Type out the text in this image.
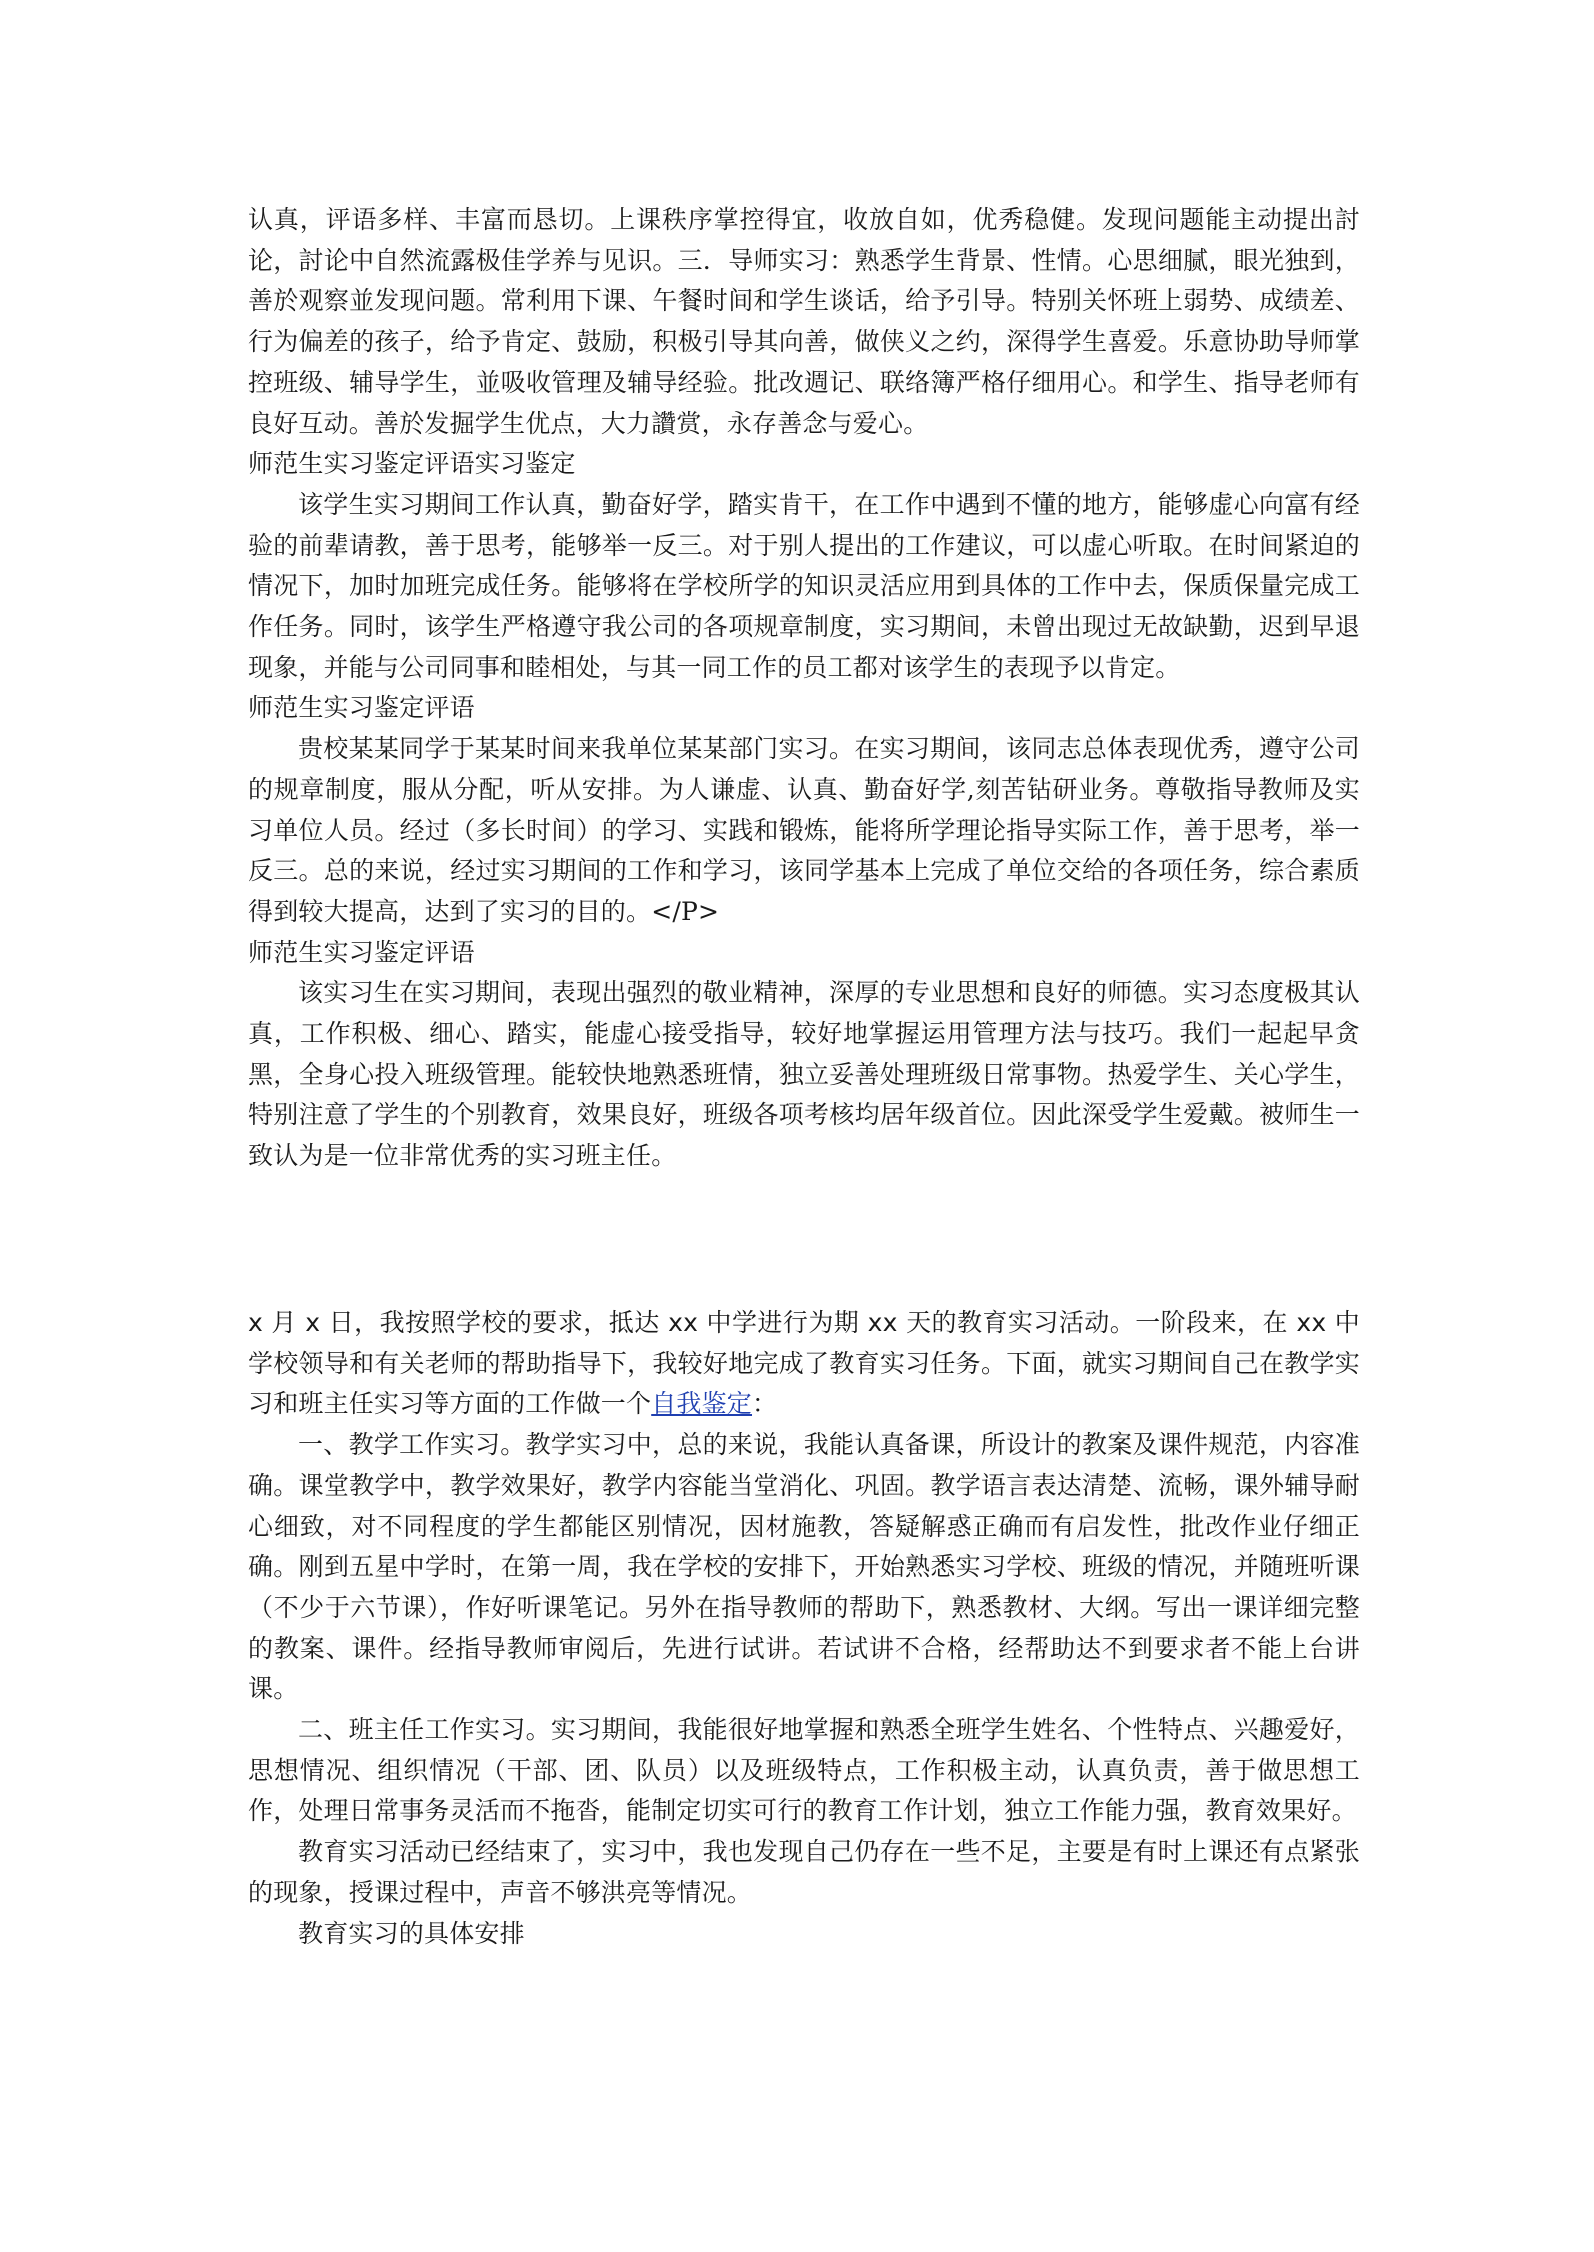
认真，评语多样、丰富而恳切。上课秩序掌控得宜，收放自如，优秀稳健。发现问题能主动提出討论，討论中自然流露极佳学养与见识。三．导师实习：熟悉学生背景、性情。心思细腻，眼光独到，善於观察並发现问题。常利用下课、午餐时间和学生谈话，给予引导。特别关怀班上弱势、成绩差、行为偏差的孩子，给予肯定、鼓励，积极引导其向善，做侠义之约，深得学生喜爱。乐意协助导师掌控班级、辅导学生，並吸收管理及辅导经验。批改週记、联络簿严格仔细用心。和学生、指导老师有良好互动。善於发掘学生优点，大力讚赏，永存善念与爱心。

师范生实习鉴定评语实习鉴定

该学生实习期间工作认真，勤奋好学，踏实肯干，在工作中遇到不懂的地方，能够虚心向富有经验的前辈请教，善于思考，能够举一反三。对于别人提出的工作建议，可以虚心听取。在时间紧迫的情况下，加时加班完成任务。能够将在学校所学的知识灵活应用到具体的工作中去，保质保量完成工作任务。同时，该学生严格遵守我公司的各项规章制度，实习期间，未曾出现过无故缺勤，迟到早退现象，并能与公司同事和睦相处，与其一同工作的员工都对该学生的表现予以肯定。

师范生实习鉴定评语

贵校某某同学于某某时间来我单位某某部门实习。在实习期间，该同志总体表现优秀，遵守公司的规章制度，服从分配，听从安排。为人谦虚、认真、勤奋好学,刻苦钻研业务。尊敬指导教师及实习单位人员。经过（多长时间）的学习、实践和锻炼，能将所学理论指导实际工作，善于思考，举一反三。总的来说，经过实习期间的工作和学习，该同学基本上完成了单位交给的各项任务，综合素质得到较大提高，达到了实习的目的。</P>

师范生实习鉴定评语

该实习生在实习期间，表现出强烈的敬业精神，深厚的专业思想和良好的师德。实习态度极其认真，工作积极、细心、踏实，能虚心接受指导，较好地掌握运用管理方法与技巧。我们一起起早贪黑，全身心投入班级管理。能较快地熟悉班情，独立妥善处理班级日常事物。热爱学生、关心学生，特别注意了学生的个别教育，效果良好，班级各项考核均居年级首位。因此深受学生爱戴。被师生一致认为是一位非常优秀的实习班主任。

x 月 x 日，我按照学校的要求，抵达 xx 中学进行为期 xx 天的教育实习活动。一阶段来，在 xx 中学校领导和有关老师的帮助指导下，我较好地完成了教育实习任务。下面，就实习期间自己在教学实习和班主任实习等方面的工作做一个自我鉴定：

一、教学工作实习。教学实习中，总的来说，我能认真备课，所设计的教案及课件规范，内容准确。课堂教学中，教学效果好，教学内容能当堂消化、巩固。教学语言表达清楚、流畅，课外辅导耐心细致，对不同程度的学生都能区别情况，因材施教，答疑解惑正确而有启发性，批改作业仔细正确。刚到五星中学时，在第一周，我在学校的安排下，开始熟悉实习学校、班级的情况，并随班听课（不少于六节课），作好听课笔记。另外在指导教师的帮助下，熟悉教材、大纲。写出一课详细完整的教案、课件。经指导教师审阅后，先进行试讲。若试讲不合格，经帮助达不到要求者不能上台讲课。

二、班主任工作实习。实习期间，我能很好地掌握和熟悉全班学生姓名、个性特点、兴趣爱好，思想情况、组织情况（干部、团、队员）以及班级特点，工作积极主动，认真负责，善于做思想工作，处理日常事务灵活而不拖沓，能制定切实可行的教育工作计划，独立工作能力强，教育效果好。

教育实习活动已经结束了，实习中，我也发现自己仍存在一些不足，主要是有时上课还有点紧张的现象，授课过程中，声音不够洪亮等情况。

教育实习的具体安排
